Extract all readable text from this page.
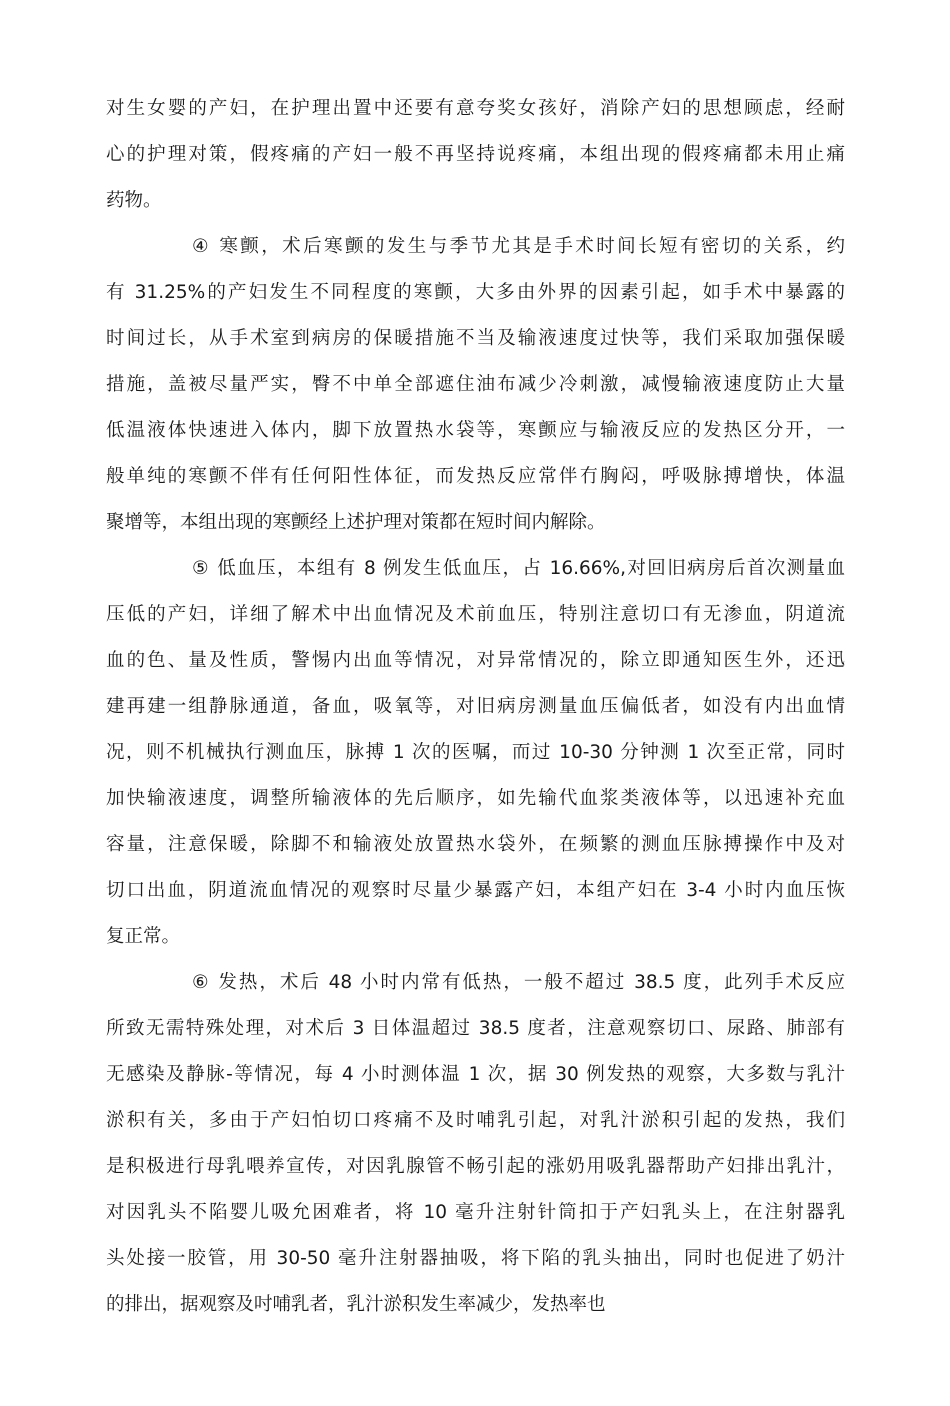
对生女婴的产妇，在护理出置中还要有意夸奖女孩好，消除产妇的思想顾虑，经耐
心的护理对策，假疼痛的产妇一般不再坚持说疼痛，本组出现的假疼痛都未用止痛
药物。
④ 寒颤，术后寒颤的发生与季节尤其是手术时间长短有密切的关系，约
有 31.25%的产妇发生不同程度的寒颤，大多由外界的因素引起，如手术中暴露的
时间过长，从手术室到病房的保暖措施不当及输液速度过快等，我们采取加强保暖
措施，盖被尽量严实，臀不中单全部遮住油布减少冷刺激，减慢输液速度防止大量
低温液体快速进入体内，脚下放置热水袋等，寒颤应与输液反应的发热区分开，一
般单纯的寒颤不伴有任何阳性体征，而发热反应常伴冇胸闷，呼吸脉搏增快，体温
聚增等，本组出现的寒颤经上述护理对策都在短时间内解除。
⑤ 低血压，本组有 8 例发生低血压，占 16.66%,对回旧病房后首次测量血
压低的产妇，详细了解术中出血情况及术前血压，特别注意切口有无渗血，阴道流
血的色、量及性质，警惕内出血等情况，对异常情况的，除立即通知医生外，还迅
建再建一组静脉通道，备血，吸氧等，对旧病房测量血压偏低者，如没有内出血情
况，则不机械执行测血压，脉搏 1 次的医嘱，而过 10-30 分钟测 1 次至正常，同时
加快输液速度，调整所输液体的先后顺序，如先输代血浆类液体等，以迅速补充血
容量，注意保暖，除脚不和输液处放置热水袋外，在频繁的测血压脉搏操作中及对
切口出血，阴道流血情况的观察时尽量少暴露产妇，本组产妇在 3-4 小时内血压恢
复正常。
⑥ 发热，术后 48 小时内常有低热，一般不超过 38.5 度，此列手术反应
所致无需特殊处理，对术后 3 日体温超过 38.5 度者，注意观察切口、尿路、肺部有
无感染及静脉-等情况，每 4 小时测体温 1 次，据 30 例发热的观察，大多数与乳汁
淤积有关，多由于产妇怕切口疼痛不及时哺乳引起，对乳汁淤积引起的发热，我们
是积极进行母乳喂养宣传，对因乳腺管不畅引起的涨奶用吸乳器帮助产妇排出乳汁，
对因乳头不陷婴儿吸允困难者，将 10 毫升注射针筒扣于产妇乳头上，在注射器乳
头处接一胶管，用 30-50 毫升注射器抽吸，将下陷的乳头抽出，同时也促进了奶汁
的排出，据观察及吋哺乳者，乳汁淤积发生率减少，发热率也
